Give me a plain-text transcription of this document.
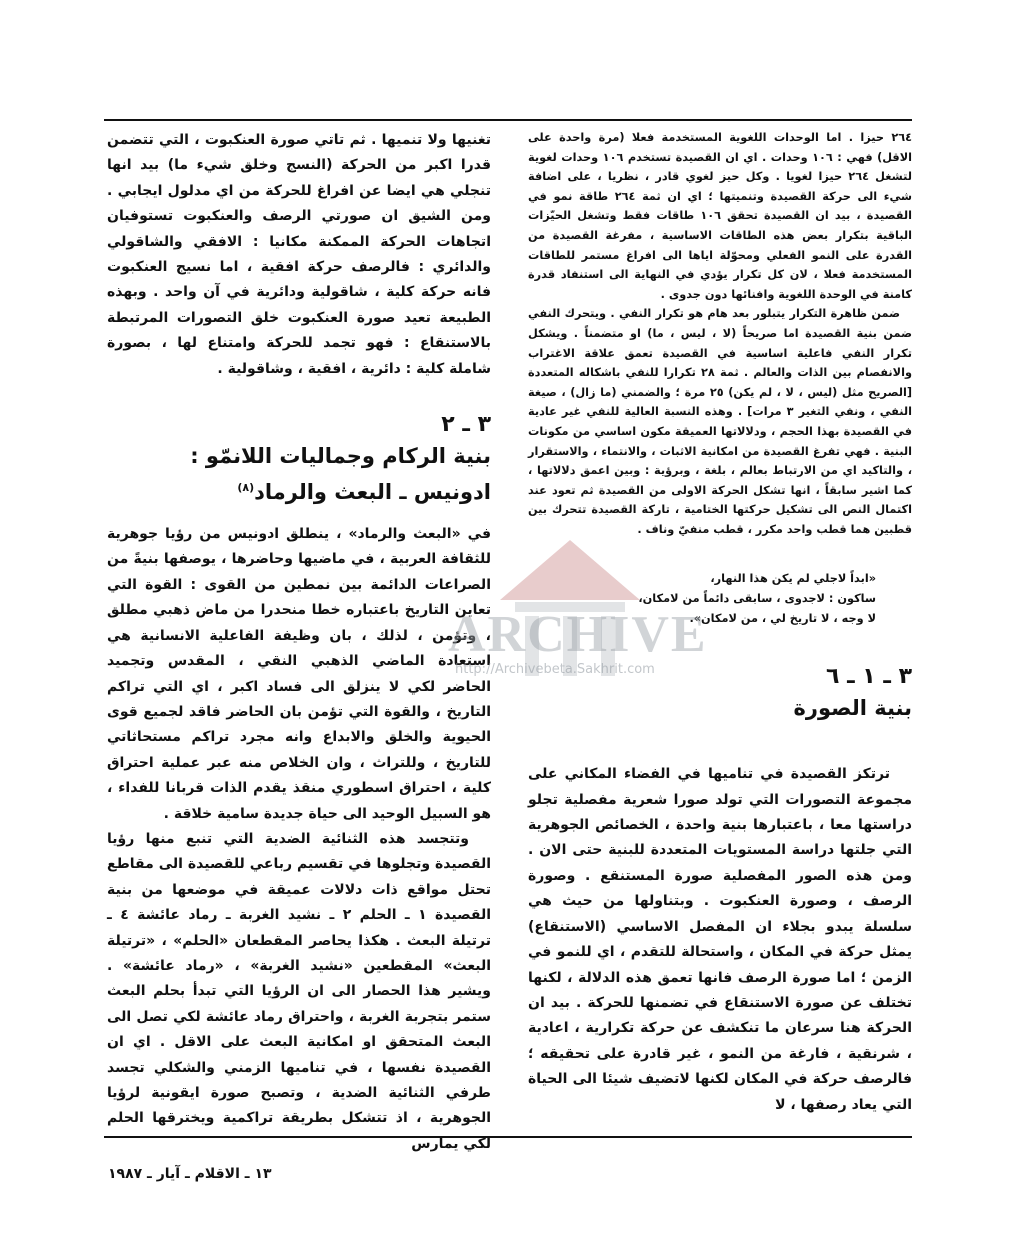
٢٦٤ حيزا . اما الوحدات اللغوية المستخدمة فعلا (مرة واحدة على الاقل) فهي : ١٠٦ وحدات . اي ان القصيدة تستخدم ١٠٦ وحدات لغوية لتشغل ٢٦٤ حيزا لغويا . وكل حيز لغوي قادر ، نظريا ، على اضافة شيء الى حركة القصيدة وتنميتها ؛ اي ان ثمة ٢٦٤ طاقة نمو في القصيدة ، بيد ان القصيدة تحقق ١٠٦ طاقات فقط وتشغل الحيّزات الباقية بتكرار بعض هذه الطاقات الاساسية ، مفرغة القصيدة من القدرة على النمو الفعلي ومحوّلة اياها الى افراغ مستمر للطاقات المستخدمة فعلا ، لان كل تكرار يؤدي في النهاية الى استنفاد قدرة كامنة في الوحدة اللغوية وافنائها دون جدوى .

ضمن ظاهرة التكرار يتبلور بعد هام هو تكرار النفي . ويتحرك النفي ضمن بنية القصيدة اما صريحاً (لا ، ليس ، ما) او متضمناً . ويشكل تكرار النفي فاعلية اساسية في القصيدة تعمق علاقة الاغتراب والانفصام بين الذات والعالم . ثمة ٢٨ تكرارا للنفي باشكاله المتعددة [الصريح مثل (ليس ، لا ، لم يكن) ٢٥ مرة ؛ والضمني (ما زال) ، صيغة النفي ، ونفي التغير ٣ مرات] . وهذه النسبة العالية للنفي غير عادية في القصيدة بهذا الحجم ، ودلالاتها العميقة مكون اساسي من مكونات البنية . فهي تفرغ القصيدة من امكانية الاثبات ، والانتماء ، والاستقرار ، والتاكيد اي من الارتباط بعالم ، بلغة ، وبرؤية : وبين اعمق دلالاتها ، كما اشير سابقاً ، انها تشكل الحركة الاولى من القصيدة ثم تعود عند اكتمال النص الى تشكيل حركتها الختامية ، تاركة القصيدة تتحرك بين قطبين هما قطب واحد مكرر ، قطب منفيّ وناف .

«ابداً لاجلي لم يكن هذا النهار،
ساكون : لاجدوى ، سابقى دائماً من لامكان،
لا وجه ، لا تاريخ لي ، من لامكان».

٣ ـ ١ ـ ٦

بنية الصورة

ترتكز القصيدة في تناميها في الفضاء المكاني على مجموعة التصورات التي تولد صورا شعرية مفصلية تجلو دراستها معا ، باعتبارها بنية واحدة ، الخصائص الجوهرية التي جلتها دراسة المستويات المتعددة للبنية حتى الان . ومن هذه الصور المفصلية صورة المستنقع . وصورة الرصف ، وصورة العنكبوت . وبتناولها من حيث هي سلسلة يبدو بجلاء ان المفصل الاساسي (الاستنقاع) يمثل حركة في المكان ، واستحالة للتقدم ، اي للنمو في الزمن ؛ اما صورة الرصف فانها تعمق هذه الدلالة ، لكنها تختلف عن صورة الاستنقاع في تضمنها للحركة . بيد ان الحركة هنا سرعان ما تنكشف عن حركة تكرارية ، اعادية ، شرنقية ، فارغة من النمو ، غير قادرة على تحقيقه ؛ فالرصف حركة في المكان لكنها لاتضيف شيئا الى الحياة التي يعاد رصفها ، لا

تغنيها ولا تنميها . ثم تاتي صورة العنكبوت ، التي تتضمن قدرا اكبر من الحركة (النسج وخلق شيء ما) بيد انها تنجلي هي ايضا عن افراغ للحركة من اي مدلول ايجابي . ومن الشيق ان صورتي الرصف والعنكبوت تستوفيان اتجاهات الحركة الممكنة مكانيا : الافقي والشاقولي والدائري : فالرصف حركة افقية ، اما نسيج العنكبوت فانه حركة كلية ، شاقولية ودائرية في آن واحد . وبهذه الطبيعة تعيد صورة العنكبوت خلق التصورات المرتبطة بالاستنقاع : فهو تجمد للحركة وامتناع لها ، بصورة شاملة كلية : دائرية ، افقية ، وشاقولية .

٣ ـ ٢

بنية الركام وجماليات اللانمّو :

ادونيس ـ البعث والرماد$^{(٨)}$

في «البعث والرماد» ، ينطلق ادونيس من رؤيا جوهرية للثقافة العربية ، في ماضيها وحاضرها ، يوصفها بنيةً من الصراعات الدائمة بين نمطين من القوى : القوة التي تعاين التاريخ باعتباره خطا منحدرا من ماض ذهبي مطلق ، وتؤمن ، لذلك ، بان وظيفة الفاعلية الانسانية هي استعادة الماضي الذهبي النقي ، المقدس وتجميد الحاضر لكي لا ينزلق الى فساد اكبر ، اي التي تراكم التاريخ ، والقوة التي تؤمن بان الحاضر فاقد لجميع قوى الحيوية والخلق والابداع وانه مجرد تراكم مستحاثاتي للتاريخ ، وللتراث ، وان الخلاص منه عبر عملية احتراق كلية ، احتراق اسطوري منقذ يقدم الذات قربانا للفداء ، هو السبيل الوحيد الى حياة جديدة سامية خلاقة .

وتتجسد هذه الثنائية الضدية التي تنبع منها رؤيا القصيدة وتجلوها في تقسيم رباعي للقصيدة الى مقاطع تحتل مواقع ذات دلالات عميقة في موضعها من بنية القصيدة ١ ـ الحلم ٢ ـ نشيد الغربة ـ رماد عائشة ٤ ـ ترتيلة البعث . هكذا يحاصر المقطعان «الحلم» ، «ترتيلة البعث» المقطعين «نشيد الغربة» ، «رماد عائشة» . ويشير هذا الحصار الى ان الرؤيا التي تبدأ بحلم البعث ستمر بتجربة الغربة ، واحتراق رماد عائشة لكي تصل الى البعث المتحقق او امكانية البعث على الاقل . اي ان القصيدة نفسها ، في تناميها الزمني والشكلي تجسد طرفي الثنائية الضدية ، وتصبح صورة ايقونية لرؤيا الجوهرية ، اذ تتشكل بطريقة تراكمية ويخترقها الحلم لكي يمارس

ARCHIVE
http://Archivebeta.Sakhrit.com
١٣ ـ الاقلام ـ آيار ـ ١٩٨٧
